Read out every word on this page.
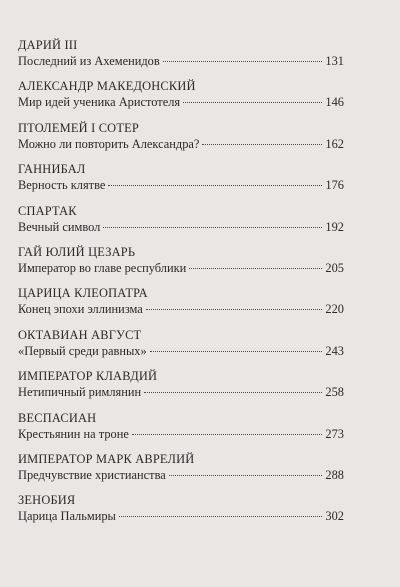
ДАРИЙ III
Последний из Ахеменидов	131
АЛЕКСАНДР МАКЕДОНСКИЙ
Мир идей ученика Аристотеля	146
ПТОЛЕМЕЙ I СОТЕР
Можно ли повторить Александра?	162
ГАННИБАЛ
Верность клятве	176
СПАРТАК
Вечный символ	192
ГАЙ ЮЛИЙ ЦЕЗАРЬ
Император во главе республики	205
ЦАРИЦА КЛЕОПАТРА
Конец эпохи эллинизма	220
ОКТАВИАН АВГУСТ
«Первый среди равных»	243
ИМПЕРАТОР КЛАВДИЙ
Нетипичный римлянин	258
ВЕСПАСИАН
Крестьянин на троне	273
ИМПЕРАТОР МАРК АВРЕЛИЙ
Предчувствие христианства	288
ЗЕНОБИЯ
Царица Пальмиры	302
